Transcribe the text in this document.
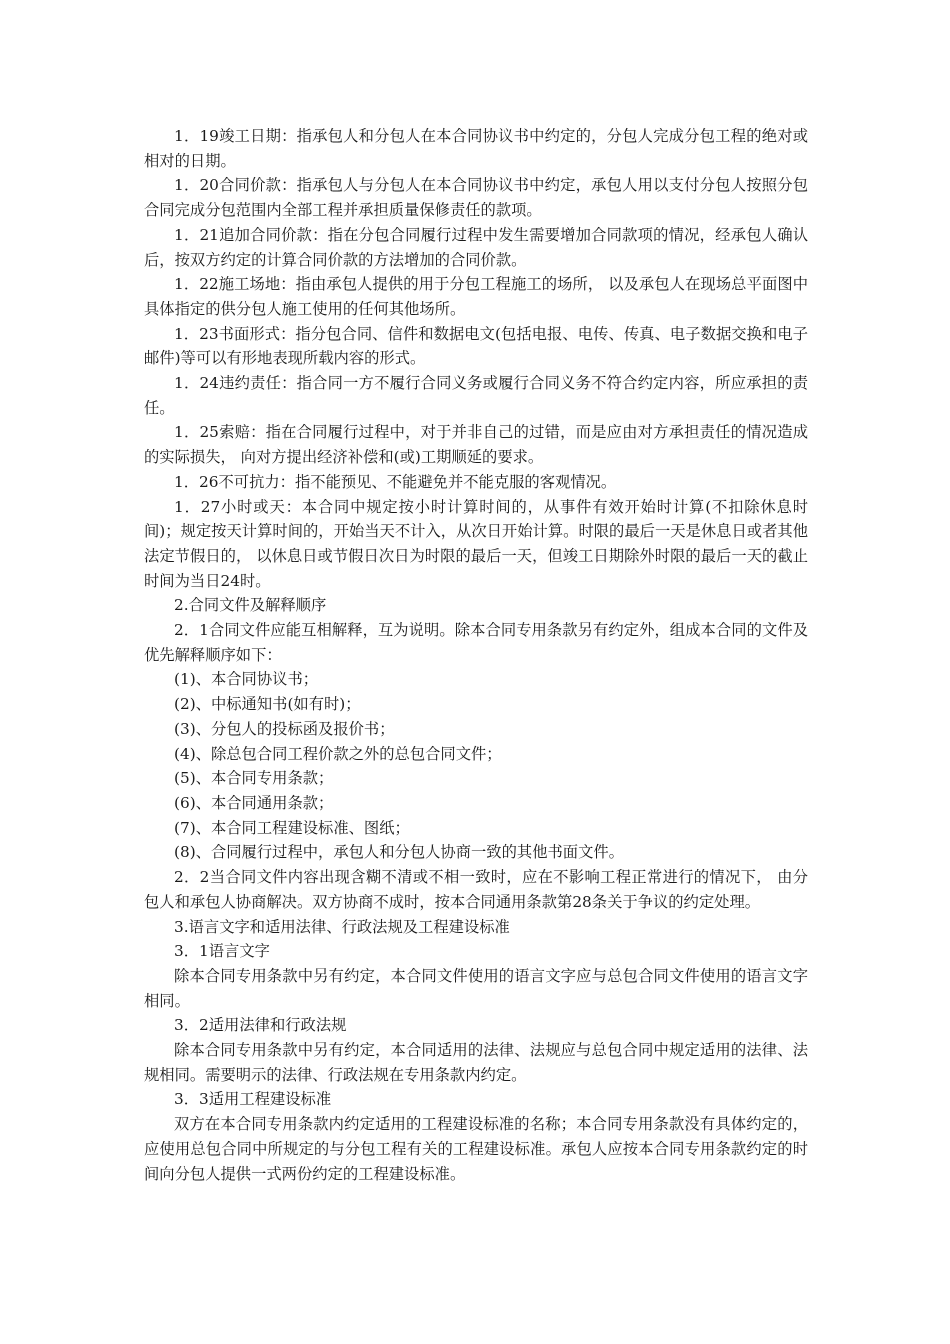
1．19竣工日期：指承包人和分包人在本合同协议书中约定的，分包人完成分包工程的绝对或相对的日期。

1．20合同价款：指承包人与分包人在本合同协议书中约定，承包人用以支付分包人按照分包合同完成分包范围内全部工程并承担质量保修责任的款项。

1．21追加合同价款：指在分包合同履行过程中发生需要增加合同款项的情况，经承包人确认后，按双方约定的计算合同价款的方法增加的合同价款。

1．22施工场地：指由承包人提供的用于分包工程施工的场所， 以及承包人在现场总平面图中具体指定的供分包人施工使用的任何其他场所。

1．23书面形式：指分包合同、信件和数据电文(包括电报、电传、传真、电子数据交换和电子邮件)等可以有形地表现所载内容的形式。

1．24违约责任：指合同一方不履行合同义务或履行合同义务不符合约定内容，所应承担的责任。

1．25索赔：指在合同履行过程中，对于并非自己的过错，而是应由对方承担责任的情况造成的实际损失， 向对方提出经济补偿和(或)工期顺延的要求。

1．26不可抗力：指不能预见、不能避免并不能克服的客观情况。

1．27小时或天：本合同中规定按小时计算时间的，从事件有效开始时计算(不扣除休息时间)；规定按天计算时间的，开始当天不计入，从次日开始计算。时限的最后一天是休息日或者其他法定节假日的， 以休息日或节假日次日为时限的最后一天，但竣工日期除外时限的最后一天的截止时间为当日24时。

2.合同文件及解释顺序

2．1合同文件应能互相解释，互为说明。除本合同专用条款另有约定外，组成本合同的文件及优先解释顺序如下：

(1)、本合同协议书；

(2)、中标通知书(如有时)；

(3)、分包人的投标函及报价书；

(4)、除总包合同工程价款之外的总包合同文件；

(5)、本合同专用条款；

(6)、本合同通用条款；

(7)、本合同工程建设标准、图纸；

(8)、合同履行过程中，承包人和分包人协商一致的其他书面文件。

2．2当合同文件内容出现含糊不清或不相一致时，应在不影响工程正常进行的情况下， 由分包人和承包人协商解决。双方协商不成时，按本合同通用条款第28条关于争议的约定处理。

3.语言文字和适用法律、行政法规及工程建设标准

3．1语言文字

除本合同专用条款中另有约定，本合同文件使用的语言文字应与总包合同文件使用的语言文字相同。

3．2适用法律和行政法规

除本合同专用条款中另有约定，本合同适用的法律、法规应与总包合同中规定适用的法律、法规相同。需要明示的法律、行政法规在专用条款内约定。

3．3适用工程建设标准

双方在本合同专用条款内约定适用的工程建设标准的名称；本合同专用条款没有具体约定的，应使用总包合同中所规定的与分包工程有关的工程建设标准。承包人应按本合同专用条款约定的时间向分包人提供一式两份约定的工程建设标准。
